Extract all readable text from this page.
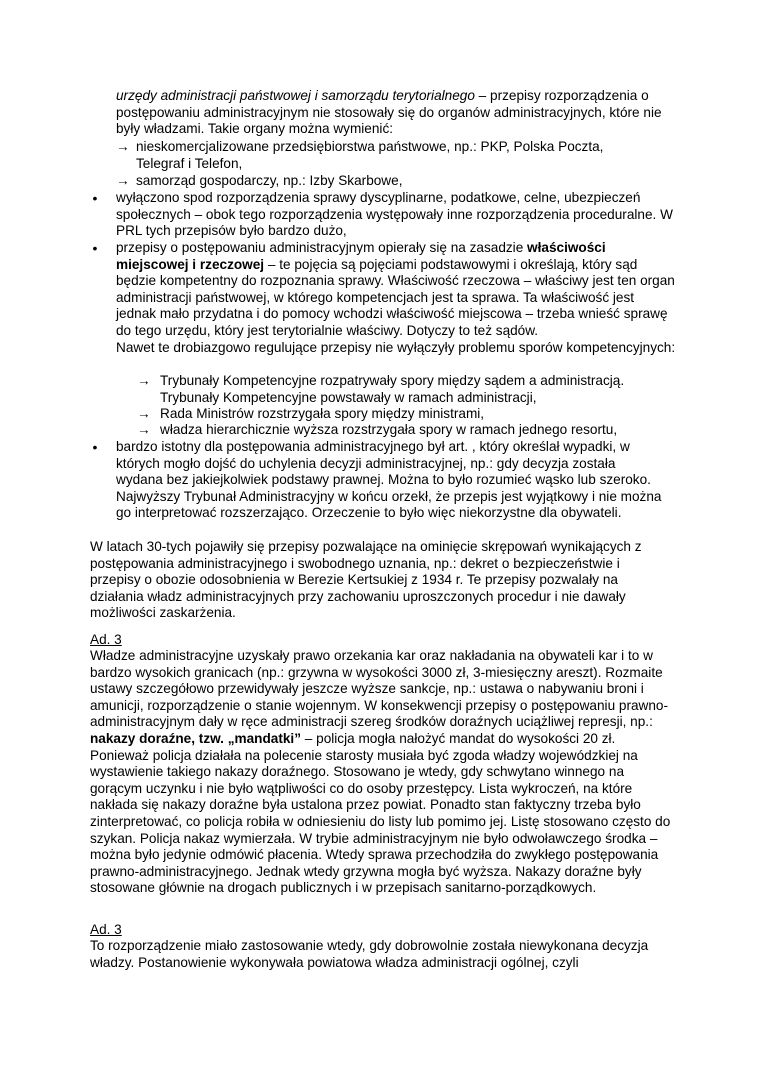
urzędy administracji państwowej i samorządu terytorialnego – przepisy rozporządzenia o postępowaniu administracyjnym nie stosowały się do organów administracyjnych, które nie były władzami. Takie organy można wymienić:

→ nieskomercjalizowane przedsiębiorstwa państwowe, np.: PKP, Polska Poczta, Telegraf i Telefon,
→ samorząd gospodarczy, np.: Izby Skarbowe,
• wyłączono spod rozporządzenia sprawy dyscyplinarne, podatkowe, celne, ubezpieczeń społecznych – obok tego rozporządzenia występowały inne rozporządzenia proceduralne. W PRL tych przepisów było bardzo dużo,
• przepisy o postępowaniu administracyjnym opierały się na zasadzie właściwości miejscowej i rzeczowej – te pojęcia są pojęciami podstawowymi i określają, który sąd będzie kompetentny do rozpoznania sprawy. Właściwość rzeczowa – właściwy jest ten organ administracji państwowej, w którego kompetencjach jest ta sprawa. Ta właściwość jest jednak mało przydatna i do pomocy wchodzi właściwość miejscowa – trzeba wnieść sprawę do tego urzędu, który jest terytorialnie właściwy. Dotyczy to też sądów.

Nawet te drobiazgowo regulujące przepisy nie wyłączyły problemu sporów kompetencyjnych:

→ Trybunały Kompetencyjne rozpatrywały spory między sądem a administracją. Trybunały Kompetencyjne powstawały w ramach administracji,
→ Rada Ministrów rozstrzygała spory między ministrami,
→ władza hierarchicznie wyższa rozstrzygała spory w ramach jednego resortu,
• bardzo istotny dla postępowania administracyjnego był art. , który określał wypadki, w których mogło dojść do uchylenia decyzji administracyjnej, np.: gdy decyzja została wydana bez jakiejkolwiek podstawy prawnej. Można to było rozumieć wąsko lub szeroko. Najwyższy Trybunał Administracyjny w końcu orzekł, że przepis jest wyjątkowy i nie można go interpretować rozszerzająco. Orzeczenie to było więc niekorzystne dla obywateli.
W latach 30-tych pojawiły się przepisy pozwalające na ominięcie skrępowań wynikających z postępowania administracyjnego i swobodnego uznania, np.: dekret o bezpieczeństwie i przepisy o obozie odosobnienia w Berezie Kertsukiej z 1934 r. Te przepisy pozwalały na działania władz administracyjnych przy zachowaniu uproszczonych procedur i nie dawały możliwości zaskarżenia.
Ad. 3

Władze administracyjne uzyskały prawo orzekania kar oraz nakładania na obywateli kar i to w bardzo wysokich granicach (np.: grzywna w wysokości 3000 zł, 3-miesięczny areszt). Rozmaite ustawy szczegółowo przewidywały jeszcze wyższe sankcje, np.: ustawa o nabywaniu broni i amunicji, rozporządzenie o stanie wojennym. W konsekwencji przepisy o postępowaniu prawno-administracyjnym dały w ręce administracji szereg środków doraźnych uciążliwej represji, np.: nakazy doraźne, tzw. „mandatki” – policja mogła nałożyć mandat do wysokości 20 zł. Ponieważ policja działała na polecenie starosty musiała być zgoda władzy wojewódzkiej na wystawienie takiego nakazy doraźnego. Stosowano je wtedy, gdy schwytano winnego na gorącym uczynku i nie było wątpliwości co do osoby przestępcy. Lista wykroczeń, na które nakłada się nakazy doraźne była ustalona przez powiat. Ponadto stan faktyczny trzeba było zinterpretować, co policja robiła w odniesieniu do listy lub pomimo jej. Listę stosowano często do szykan. Policja nakaz wymierzała. W trybie administracyjnym nie było odwoławczego środka – można było jedynie odmówić płacenia. Wtedy sprawa przechodziła do zwykłego postępowania prawno-administracyjnego. Jednak wtedy grzywna mogła być wyższa. Nakazy doraźne były stosowane głównie na drogach publicznych i w przepisach sanitarno-porządkowych.

Ad. 3
To rozporządzenie miało zastosowanie wtedy, gdy dobrowolnie została niewykonana decyzja władzy. Postanowienie wykonywała powiatowa władza administracji ogólnej, czyli
